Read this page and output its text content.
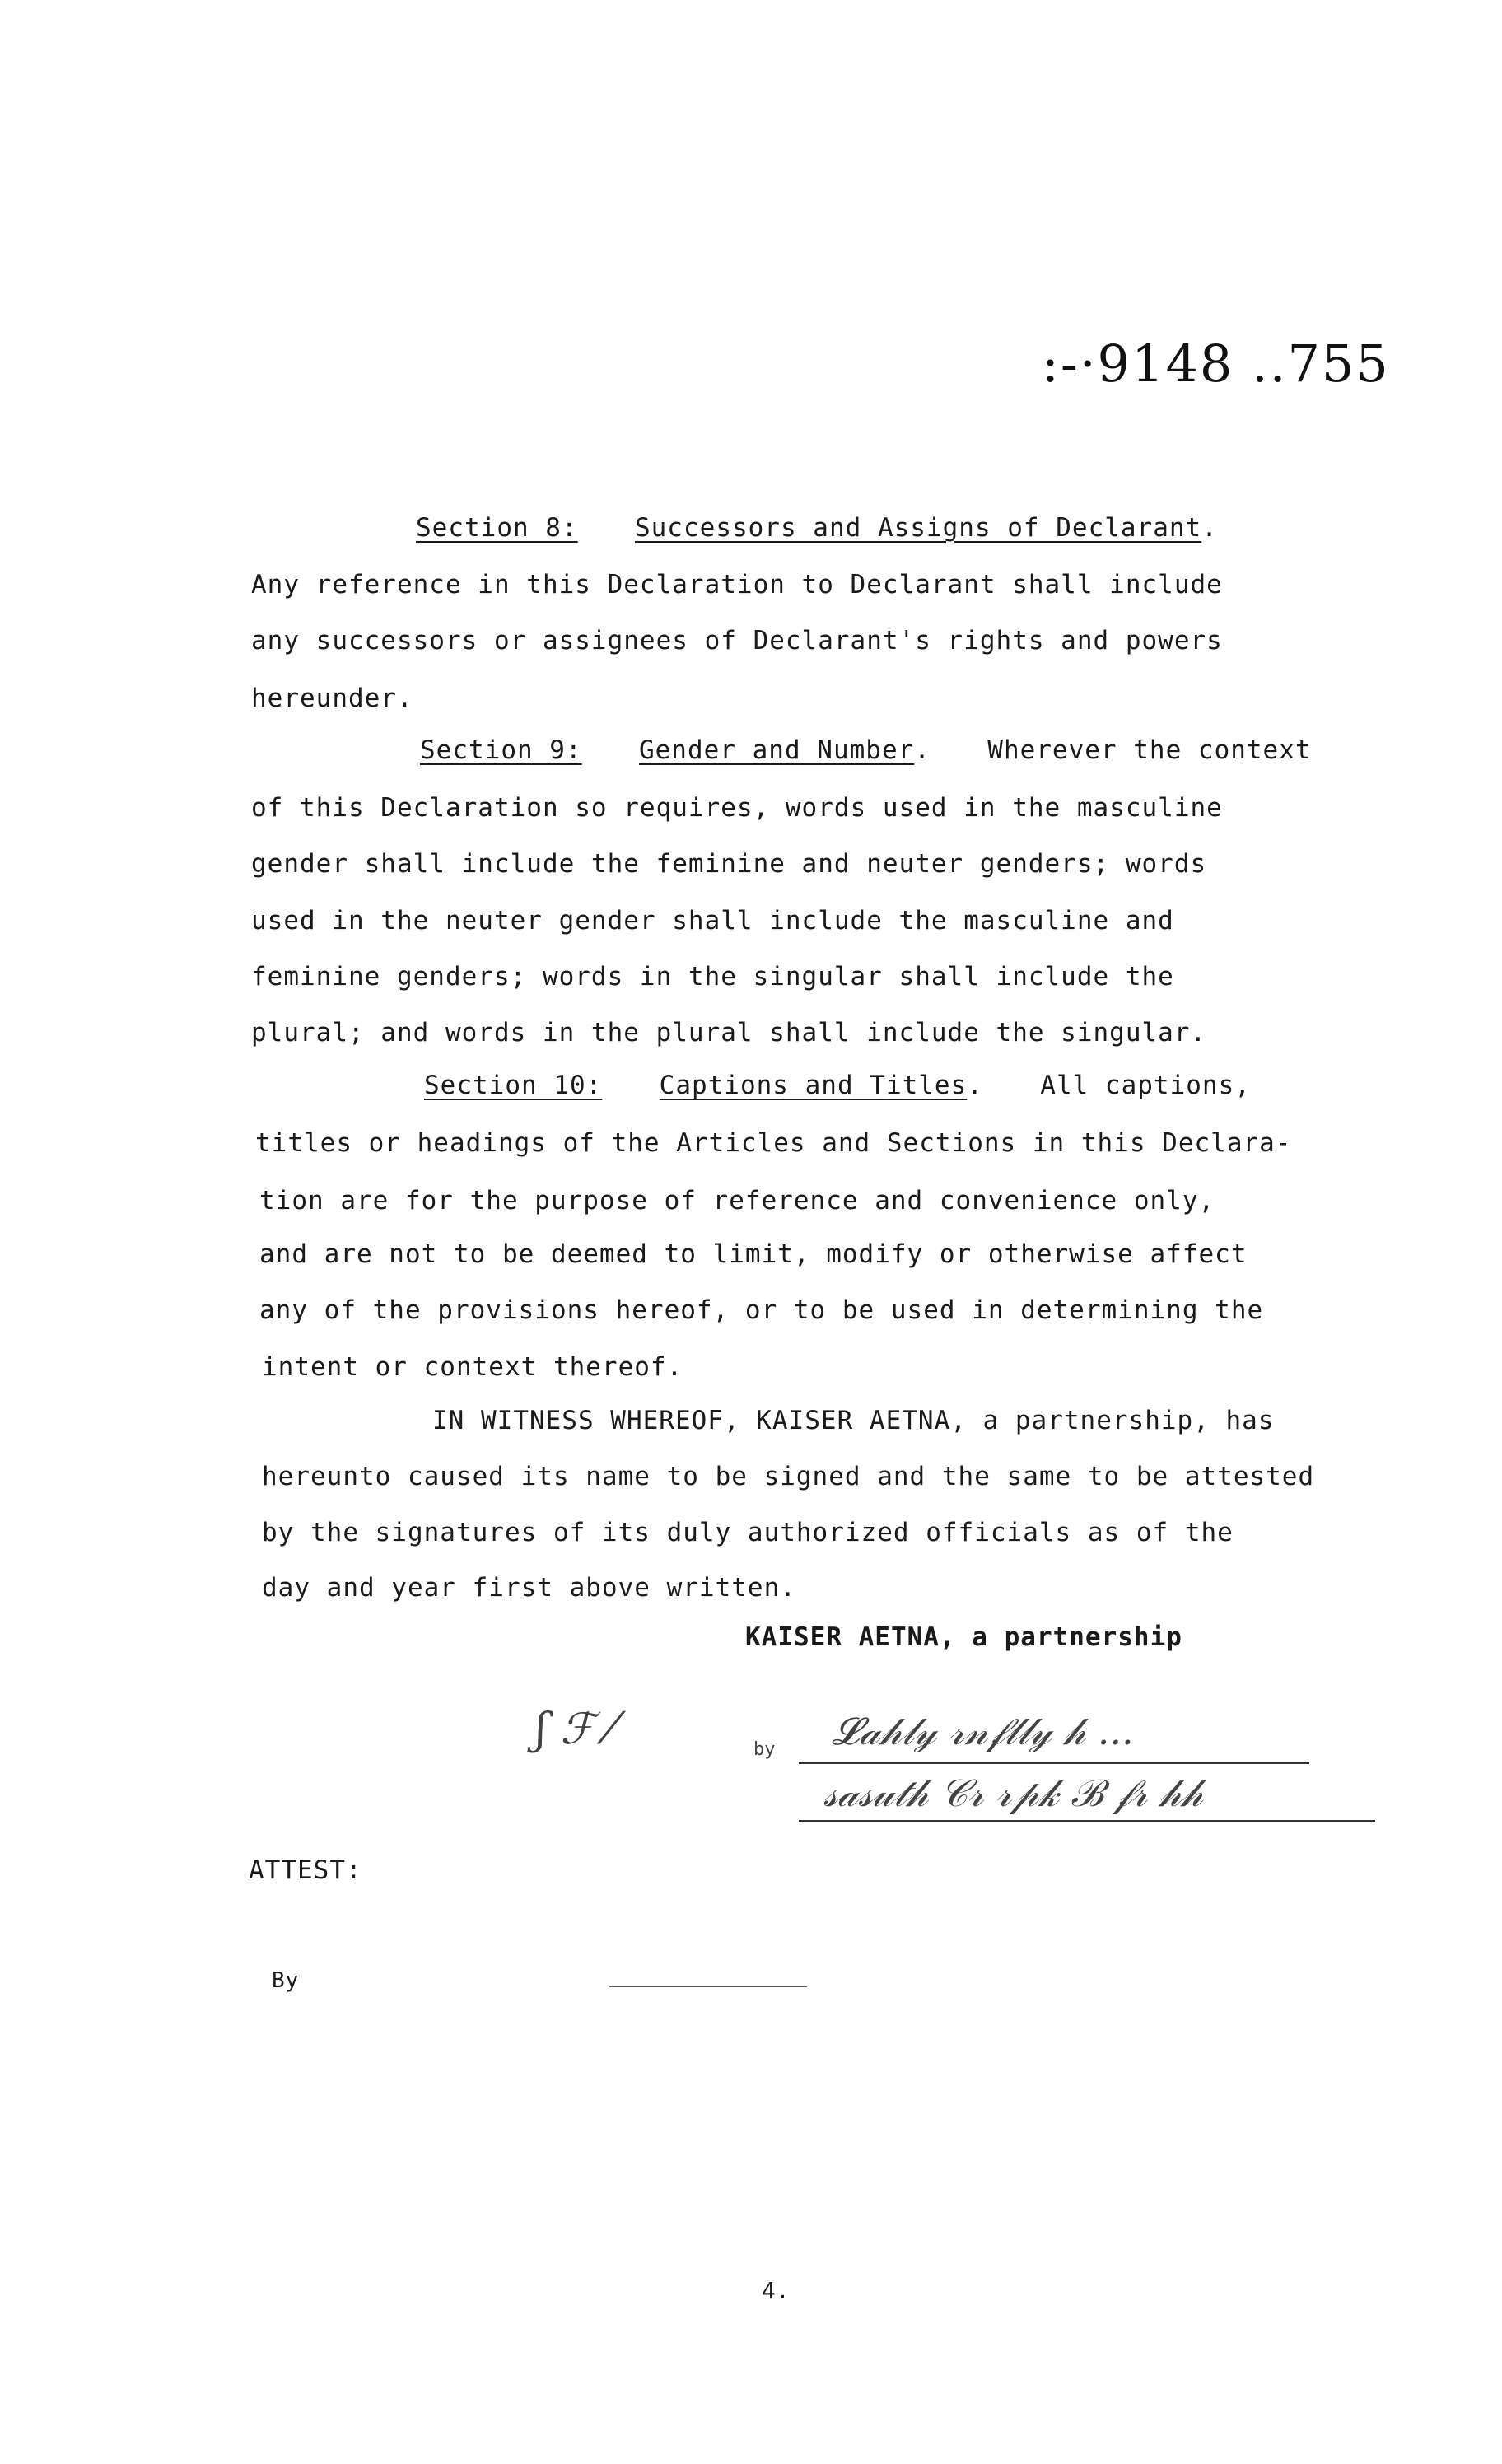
:-·9148 ..755
Section 8: Successors and Assigns of Declarant.
Any reference in this Declaration to Declarant shall include
any successors or assignees of Declarant's rights and powers
hereunder.
Section 9: Gender and Number. Wherever the context
of this Declaration so requires, words used in the masculine
gender shall include the feminine and neuter genders; words
used in the neuter gender shall include the masculine and
feminine genders; words in the singular shall include the
plural; and words in the plural shall include the singular.
Section 10: Captions and Titles. All captions,
titles or headings of the Articles and Sections in this Declara-
tion are for the purpose of reference and convenience only,
and are not to be deemed to limit, modify or otherwise affect
any of the provisions hereof, or to be used in determining the
intent or context thereof.
IN WITNESS WHEREOF, KAISER AETNA, a partnership, has
hereunto caused its name to be signed and the same to be attested
by the signatures of its duly authorized officials as of the
day and year first above written.
KAISER AETNA, a partnership
ʃ ℱ ⁄	by 𝓛𝒶𝒽𝓁𝓎 𝓇𝓃𝒻𝓁𝓁𝓎 𝒽 ...
𝓈𝒶𝓈𝓊𝓉𝒽 𝒞𝓇 𝓇𝓅𝓀 ℬ 𝒻𝓇 𝒽𝒽
ATTEST:
By
4.
